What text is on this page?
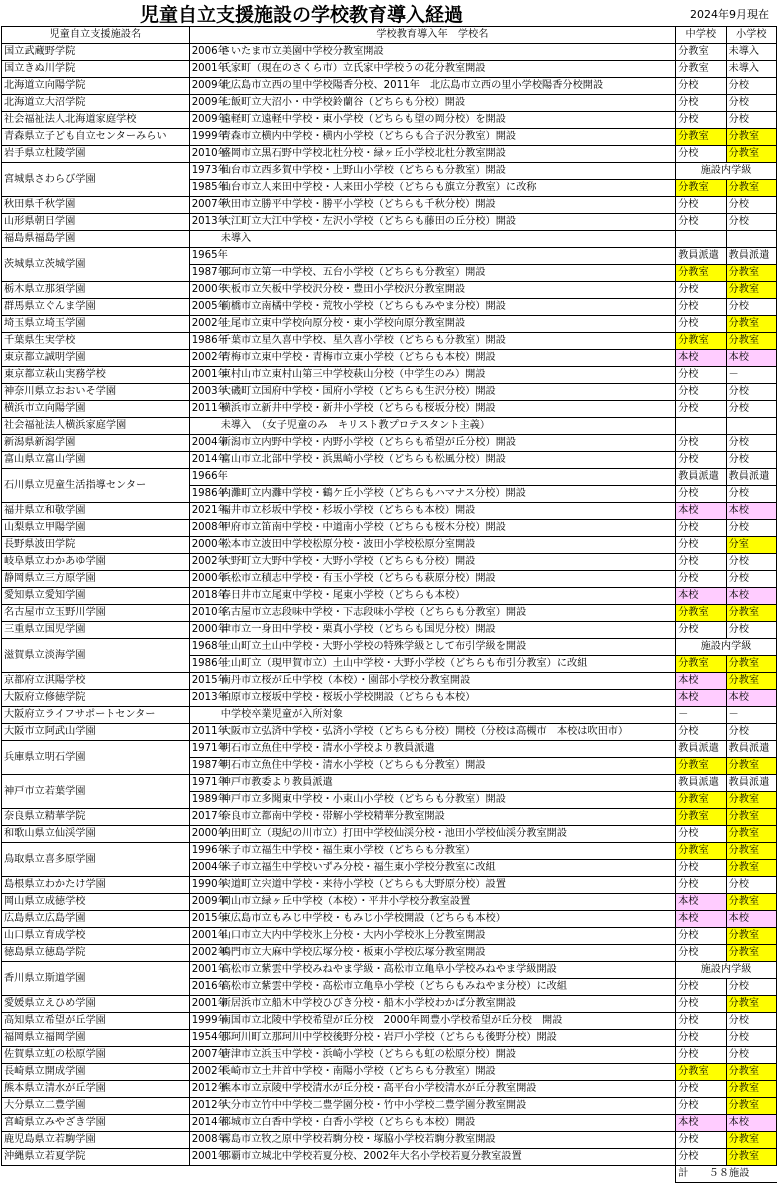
児童自立支援施設の学校教育導入経過	2024年9月現在
児童自立支援施設名	学校教育導入年　学校名	中学校	小学校
国立武蔵野学院	2006年さいたま市立美園中学校分教室開設	分教室	未導入
国立きぬ川学院	2001年氏家町（現在のさくら市）立氏家中学校うの花分教室開設	分教室	未導入
北海道立向陽学院	2009年北広島市立西の里中学校陽香分校、2011年　北広島市立西の里小学校陽香分校開設	分校	分校
北海道立大沼学院	2009年七飯町立大沼小・中学校鈴蘭谷（どちらも分校）開設	分校	分校
社会福祉法人北海道家庭学校	2009年遠軽町立遠軽中学校・東小学校（どちらも望の岡分校）を開設	分校	分校
青森県立子ども自立センターみらい	1999年青森市立横内中学校・横内小学校（どちらも合子沢分教室）開設	分教室	分教室
岩手県立杜陵学園	2010年盛岡市立黒石野中学校北杜分校・緑ヶ丘小学校北杜分教室開設	分校	分教室
宮城県さわらび学園	1973年仙台市立西多賀中学校・上野山小学校（どちらも分教室）開設	施設内学級	
	1985年仙台市立人来田中学校・人来田小学校（どちらも旗立分教室）に改称	分教室	分教室
秋田県千秋学園	2007年秋田市立勝平中学校・勝平小学校（どちらも千秋分校）開設	分校	分校
山形県朝日学園	2013年大江町立大江中学校・左沢小学校（どちらも藤田の丘分校）開設	分校	分校
福島県福島学園	未導入		
茨城県立茨城学園	1965年	教員派遣	教員派遣
	1987年那珂市立第一中学校、五台小学校（どちらも分教室）開設	分教室	分教室
栃木県立那須学園	2000年矢板市立矢板中学校沢分校・豊田小学校沢分教室開設	分校	分教室
群馬県立ぐんま学園	2005年前橋市立南橘中学校・荒牧小学校（どちらもみやま分校）開設	分校	分校
埼玉県立埼玉学園	2002年上尾市立東中学校向原分校・東小学校向原分教室開設	分校	分教室
千葉県生実学校	1986年千葉市立星久喜中学校、星久喜小学校（どちらも分教室）開設	分教室	分教室
東京都立誠明学園	2002年青梅市立東中学校・青梅市立東小学校（どちらも本校）開設	本校	本校
東京都立萩山実務学校	2001年東村山市立東村山第三中学校萩山分校（中学生のみ）開設	分校	－
神奈川県立おおいそ学園	2003年大磯町立国府中学校・国府小学校（どちらも生沢分校）開設	分校	分校
横浜市立向陽学園	2011年横浜市立新井中学校・新井小学校（どちらも桜坂分校）開設	分校	分校
社会福祉法人横浜家庭学園	未導入　（女子児童のみ　キリスト教プロテスタント主義）		
新潟県新潟学園	2004年新潟市立内野中学校・内野小学校（どちらも希望が丘分校）開設	分校	分校
富山県立富山学園	2014年富山市立北部中学校・浜黒崎小学校（どちらも松風分校）開設	分校	分校
石川県立児童生活指導センター	1966年	教員派遣	教員派遣
	1986年内灘町立内灘中学校・鶴ケ丘小学校（どちらもハマナス分校）開設	分校	分校
福井県立和敬学園	2021年福井市立杉坂中学校・杉坂小学校（どちらも本校）開設	本校	本校
山梨県立甲陽学園	2008年甲府市立笛南中学校・中道南小学校（どちらも桜木分校）開設	分校	分校
長野県波田学院	2000年松本市立波田中学校松原分校・波田小学校松原分室開設	分校	分室
岐阜県立わかあゆ学園	2002年大野町立大野中学校・大野小学校（どちらも分校）開設	分校	分校
静岡県立三方原学園	2000年浜松市立積志中学校・有玉小学校（どちらも萩原分校）開設	分校	分校
愛知県立愛知学園	2018年春日井市立尾東中学校・尾東小学校（どちらも本校）	本校	本校
名古屋市立玉野川学園	2010年名古屋市立志段味中学校・下志段味小学校（どちらも分教室）開設	分教室	分教室
三重県立国児学園	2000年津市立一身田中学校・栗真小学校（どちらも国児分校）開設	分校	分校
滋賀県立淡海学園	1968年土山町立土山中学校・大野小学校の特殊学級として布引学級を開設	施設内学級	
	1986年土山町立（現甲賀市立）土山中学校・大野小学校（どちらも布引分教室）に改組	分教室	分教室
京都府立淇陽学校	2015年南丹市立桜が丘中学校（本校）・園部小学校分教室開設	本校	分教室
大阪府立修徳学院	2013年柏原市立桜坂中学校・桜坂小学校開設（どちらも本校）	本校	本校
大阪府立ライフサポートセンター	中学校卒業児童が入所対象	－	－
大阪市立阿武山学園	2011年大阪市立弘済中学校・弘済小学校（どちらも分校）開校（分校は高槻市　本校は吹田市）	分校	分校
兵庫県立明石学園	1971年明石市立魚住中学校・清水小学校より教員派遣	教員派遣	教員派遣
	1987年明石市立魚住中学校・清水小学校（どちらも分教室）開設	分教室	分教室
神戸市立若葉学園	1971年神戸市教委より教員派遣	教員派遣	教員派遣
	1989年神戸市立多聞東中学校・小束山小学校（どちらも分教室）開設	分教室	分教室
奈良県立精華学院	2017年奈良市立都南中学校・帯解小学校精華分教室開設	分教室	分教室
和歌山県立仙渓学園	2000年内田町立（現紀の川市立）打田中学校仙渓分校・池田小学校仙渓分教室開設	分校	分教室
鳥取県立喜多原学園	1996年米子市立福生中学校・福生東小学校（どちらも分教室）	分教室	分教室
	2004年米子市立福生中学校いずみ分校・福生東小学校分教室に改組	分校	分教室
島根県立わかたけ学園	1990年宍道町立宍道中学校・来待小学校（どちらも大野原分校）設置	分校	分校
岡山県立成徳学校	2009年岡山市立緑ヶ丘中学校（本校）・平井小学校分教室設置	本校	分教室
広島県立広島学園	2015年東広島市立もみじ中学校・もみじ小学校開設（どちらも本校）	本校	本校
山口県立育成学校	2001年山口市立大内中学校氷上分校・大内小学校氷上分教室開設	分校	分教室
徳島県立徳島学院	2002年鳴門市立大麻中学校広塚分校・板東小学校広塚分教室開設	分校	分教室
香川県立斯道学園	2001年高松市立紫雲中学校みねやま学級・高松市立亀阜小学校みねやま学級開設	施設内学級	
	2016年高松市立紫雲中学校・高松市立亀阜小学校（どちらもみねやま分校）に改組	分校	分校
愛媛県立えひめ学園	2001年新居浜市立船木中学校ひびき分校・船木小学校わかば分教室開設	分校	分教室
高知県立希望が丘学園	1999年南国市立北陵中学校希望が丘分校　2000年岡豊小学校希望が丘分校　開設	分校	分校
福岡県立福岡学園	1954年那珂川町立那珂川中学校後野分校・岩戸小学校（どちらも後野分校）開設	分校	分校
佐賀県立虹の松原学園	2007年唐津市立浜玉中学校・浜崎小学校（どちらも虹の松原分校）開設	分校	分校
長崎県立開成学園	2002年長崎市立土井首中学校・南陽小学校（どちらも分教室）開設	分教室	分教室
熊本県立清水が丘学園	2012年熊本市立京陵中学校清水が丘分校・高平台小学校清水が丘分教室開設	分校	分教室
大分県立二豊学園	2012年大分市立竹中中学校二豊学園分校・竹中小学校二豊学園分教室開設	分校	分教室
宮崎県立みやざき学園	2014年都城市立白香中学校・白香小学校（どちらも本校）開設	本校	本校
鹿児島県立若駒学園	2008年霧島市立牧之原中学校若駒分校・塚脇小学校若駒分教室開設	分校	分教室
沖縄県立若夏学院	2001年那覇市立城北中学校若夏分校、2002年大名小学校若夏分教室設置	分校	分教室
		計　　５８施設	
